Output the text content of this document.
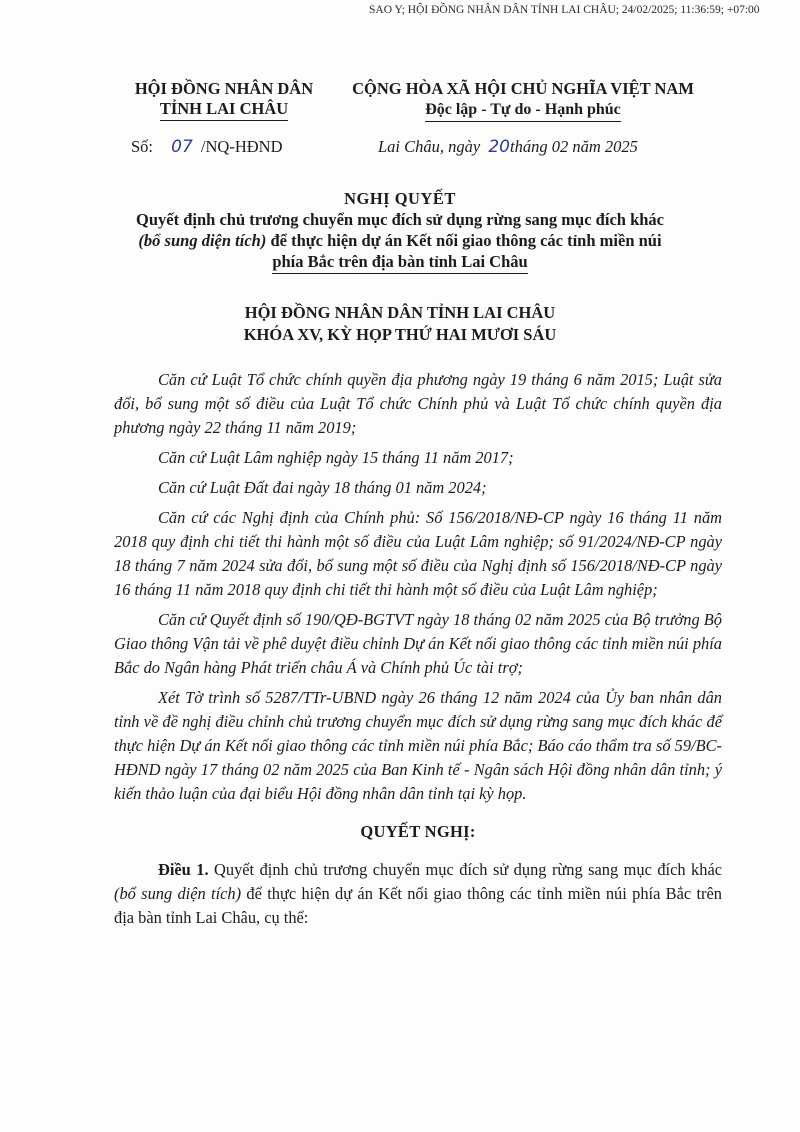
SAO Y; HỘI ĐỒNG NHÂN DÂN TỈNH LAI CHÂU; 24/02/2025; 11:36:59; +07:00
HỘI ĐỒNG NHÂN DÂN
TỈNH LAI CHÂU
CỘNG HÒA XÃ HỘI CHỦ NGHĨA VIỆT NAM
Độc lập - Tự do - Hạnh phúc
Số: 07 /NQ-HĐND	Lai Châu, ngày 20tháng 02 năm 2025
NGHỊ QUYẾT
Quyết định chủ trương chuyển mục đích sử dụng rừng sang mục đích khác
(bổ sung diện tích) để thực hiện dự án Kết nối giao thông các tỉnh miền núi
phía Bắc trên địa bàn tỉnh Lai Châu
HỘI ĐỒNG NHÂN DÂN TỈNH LAI CHÂU
KHÓA XV, KỲ HỌP THỨ HAI MƯƠI SÁU

Căn cứ Luật Tổ chức chính quyền địa phương ngày 19 tháng 6 năm 2015; Luật sửa đổi, bổ sung một số điều của Luật Tổ chức Chính phủ và Luật Tổ chức chính quyền địa phương ngày 22 tháng 11 năm 2019;

Căn cứ Luật Lâm nghiệp ngày 15 tháng 11 năm 2017;

Căn cứ Luật Đất đai ngày 18 tháng 01 năm 2024;

Căn cứ các Nghị định của Chính phủ: Số 156/2018/NĐ-CP ngày 16 tháng 11 năm 2018 quy định chi tiết thi hành một số điều của Luật Lâm nghiệp; số 91/2024/NĐ-CP ngày 18 tháng 7 năm 2024 sửa đổi, bổ sung một số điều của Nghị định số 156/2018/NĐ-CP ngày 16 tháng 11 năm 2018 quy định chi tiết thi hành một số điều của Luật Lâm nghiệp;

Căn cứ Quyết định số 190/QĐ-BGTVT ngày 18 tháng 02 năm 2025 của Bộ trưởng Bộ Giao thông Vận tải về phê duyệt điều chỉnh Dự án Kết nối giao thông các tỉnh miền núi phía Bắc do Ngân hàng Phát triển châu Á và Chính phủ Úc tài trợ;

Xét Tờ trình số 5287/TTr-UBND ngày 26 tháng 12 năm 2024 của Ủy ban nhân dân tỉnh về đề nghị điều chỉnh chủ trương chuyển mục đích sử dụng rừng sang mục đích khác để thực hiện Dự án Kết nối giao thông các tỉnh miền núi phía Bắc; Báo cáo thẩm tra số 59/BC-HĐND ngày 17 tháng 02 năm 2025 của Ban Kinh tế - Ngân sách Hội đồng nhân dân tỉnh; ý kiến thảo luận của đại biểu Hội đồng nhân dân tỉnh tại kỳ họp.

QUYẾT NGHỊ:

Điều 1. Quyết định chủ trương chuyển mục đích sử dụng rừng sang mục đích khác (bổ sung diện tích) để thực hiện dự án Kết nối giao thông các tỉnh miền núi phía Bắc trên địa bàn tỉnh Lai Châu, cụ thể:
